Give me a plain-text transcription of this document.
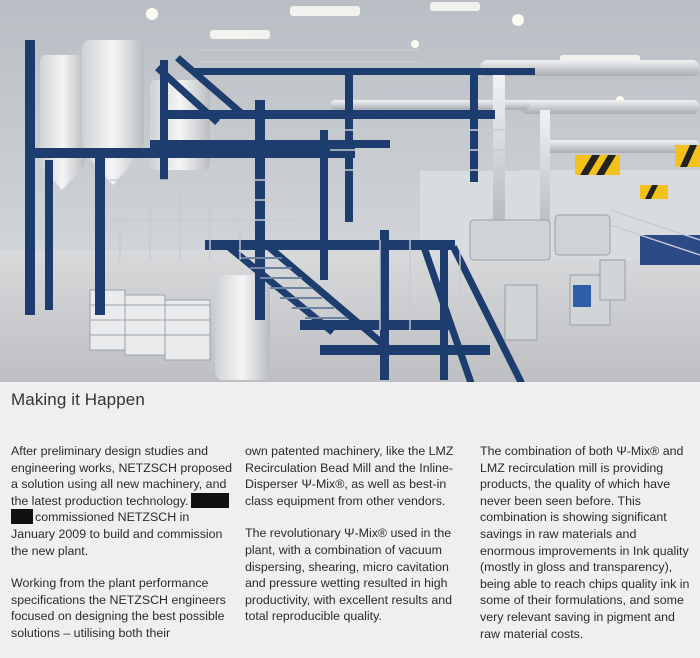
Making it Happen

After preliminary design studies and engineering works, NETZSCH proposed a solution using all new machinery, and the latest production technology.
commissioned NETZSCH in January 2009 to build and commission the new plant.

Working from the plant performance specifications the NETZSCH engineers focused on designing the best possible solutions – utilising both their

own patented machinery, like the LMZ Recirculation Bead Mill and the Inline-Disperser Ψ-Mix®, as well as best-in class equipment from other vendors.

The revolutionary Ψ-Mix® used in the plant, with a combination of vacuum dispersing, shearing, micro cavitation and pressure wetting resulted in high productivity, with excellent results and total reproducible quality.

The combination of both Ψ-Mix® and LMZ recirculation mill is providing products, the quality of which have never been seen before. This combination is showing significant savings in raw materials and enormous improvements in Ink quality (mostly in gloss and transparency), being able to reach chips quality ink in some of their formulations, and some very relevant saving in pigment and raw material costs.
